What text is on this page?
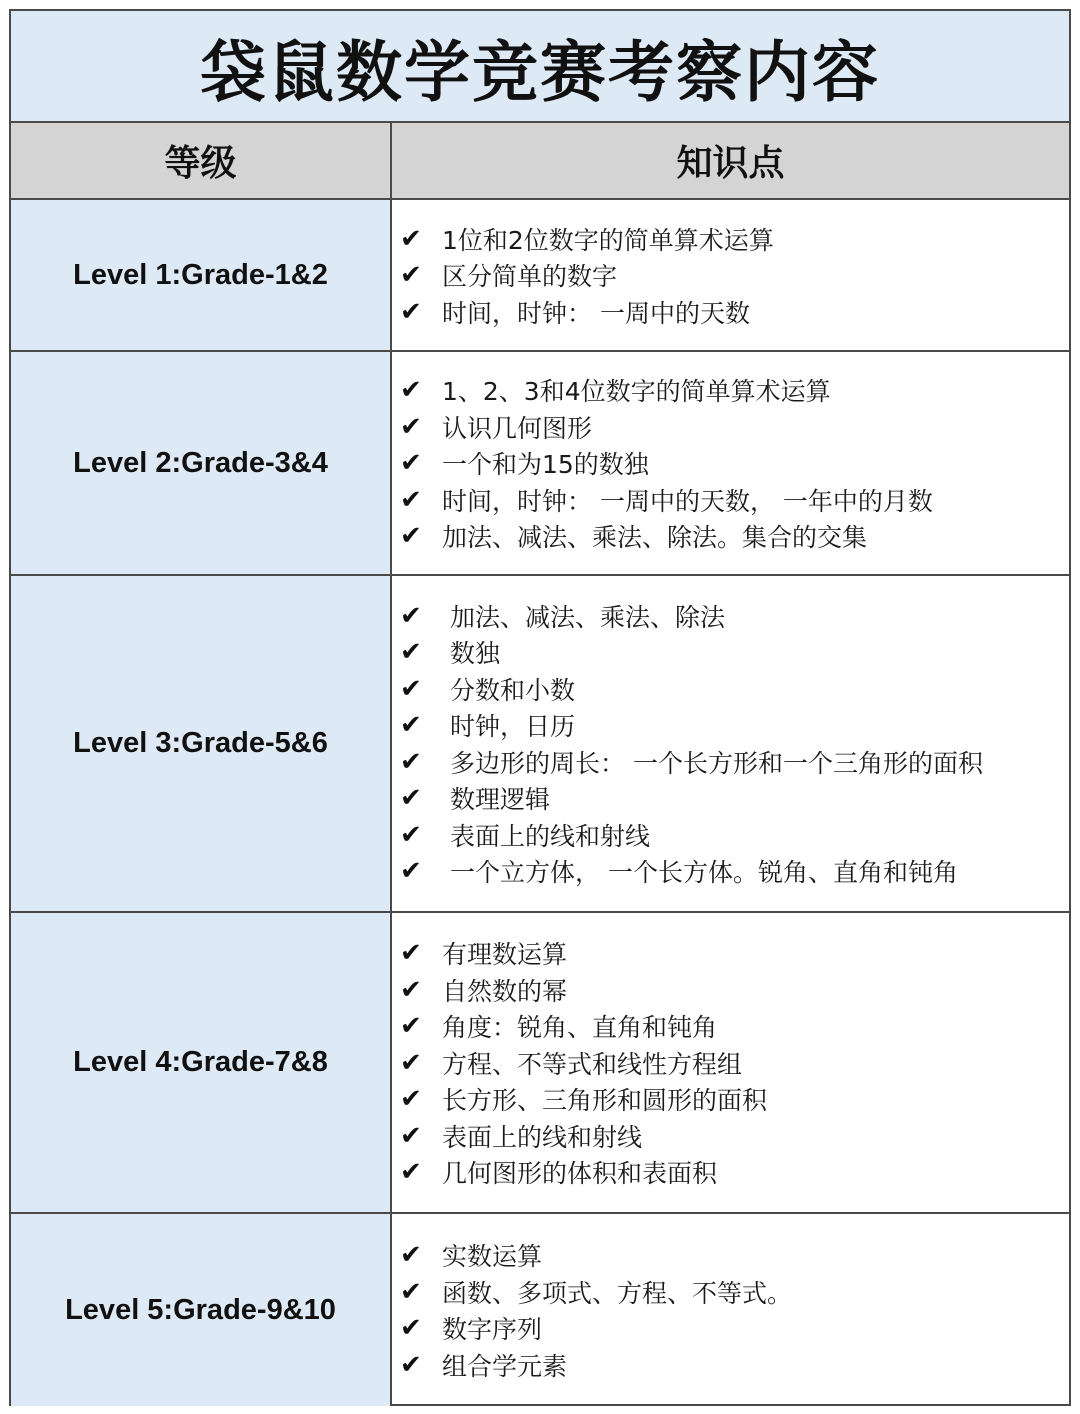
袋鼠数学竞赛考察内容
等级	知识点
Level 1:Grade-1&2
✔ 1位和2位数字的简单算术运算
✔ 区分简单的数字
✔ 时间，时钟： 一周中的天数
Level 2:Grade-3&4
✔ 1、2、3和4位数字的简单算术运算
✔ 认识几何图形
✔ 一个和为15的数独
✔ 时间，时钟： 一周中的天数， 一年中的月数
✔ 加法、减法、乘法、除法。集合的交集
Level 3:Grade-5&6
✔	加法、减法、乘法、除法
✔	数独
✔	分数和小数
✔	时钟，日历
✔	多边形的周长： 一个长方形和一个三角形的面积
✔	数理逻辑
✔	表面上的线和射线
✔	一个立方体， 一个长方体。锐角、直角和钝角
Level 4:Grade-7&8
✔ 有理数运算
✔ 自然数的幂
✔ 角度：锐角、直角和钝角
✔ 方程、不等式和线性方程组
✔ 长方形、三角形和圆形的面积
✔ 表面上的线和射线
✔ 几何图形的体积和表面积
Level 5:Grade-9&10
✔ 实数运算
✔ 函数、多项式、方程、不等式。
✔ 数字序列
✔ 组合学元素
